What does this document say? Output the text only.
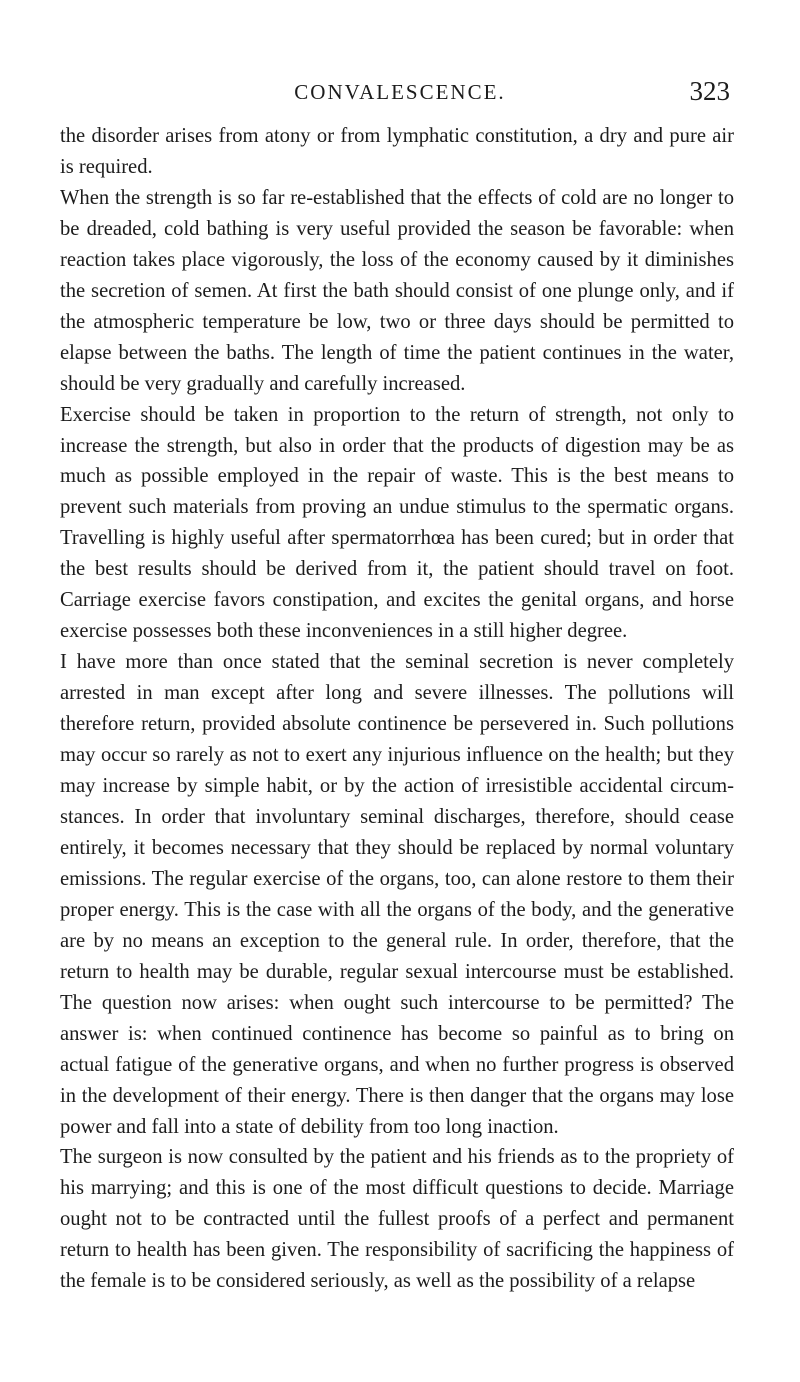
CONVALESCENCE.	323

the disorder arises from atony or from lymphatic constitution, a dry and pure air is required.

When the strength is so far re-established that the effects of cold are no longer to be dreaded, cold bathing is very useful provided the season be favorable: when reaction takes place vigorously, the loss of the economy caused by it diminishes the secretion of semen. At first the bath should consist of one plunge only, and if the atmospheric temperature be low, two or three days should be permitted to elapse between the baths. The length of time the patient continues in the water, should be very gradually and carefully increased.

Exercise should be taken in proportion to the return of strength, not only to increase the strength, but also in order that the products of digestion may be as much as possible employed in the repair of waste. This is the best means to prevent such materials from proving an undue stimulus to the spermatic organs. Travelling is highly useful after spermatorrhœa has been cured; but in order that the best results should be derived from it, the patient should travel on foot. Carriage exercise favors constipation, and excites the genital organs, and horse exercise possesses both these inconveniences in a still higher degree.

I have more than once stated that the seminal secretion is never completely arrested in man except after long and severe illnesses. The pollutions will therefore return, provided absolute continence be persevered in. Such pollutions may occur so rarely as not to exert any injurious influence on the health; but they may increase by simple habit, or by the action of irresistible accidental circumstances. In order that involuntary seminal discharges, therefore, should cease entirely, it becomes necessary that they should be replaced by normal voluntary emissions. The regular exercise of the organs, too, can alone restore to them their proper energy. This is the case with all the organs of the body, and the generative are by no means an exception to the general rule. In order, therefore, that the return to health may be durable, regular sexual intercourse must be established. The question now arises: when ought such intercourse to be permitted? The answer is: when continued continence has become so painful as to bring on actual fatigue of the generative organs, and when no further progress is observed in the development of their energy. There is then danger that the organs may lose power and fall into a state of debility from too long inaction.

The surgeon is now consulted by the patient and his friends as to the propriety of his marrying; and this is one of the most difficult questions to decide. Marriage ought not to be contracted until the fullest proofs of a perfect and permanent return to health has been given. The responsibility of sacrificing the happiness of the female is to be considered seriously, as well as the possibility of a relapse
